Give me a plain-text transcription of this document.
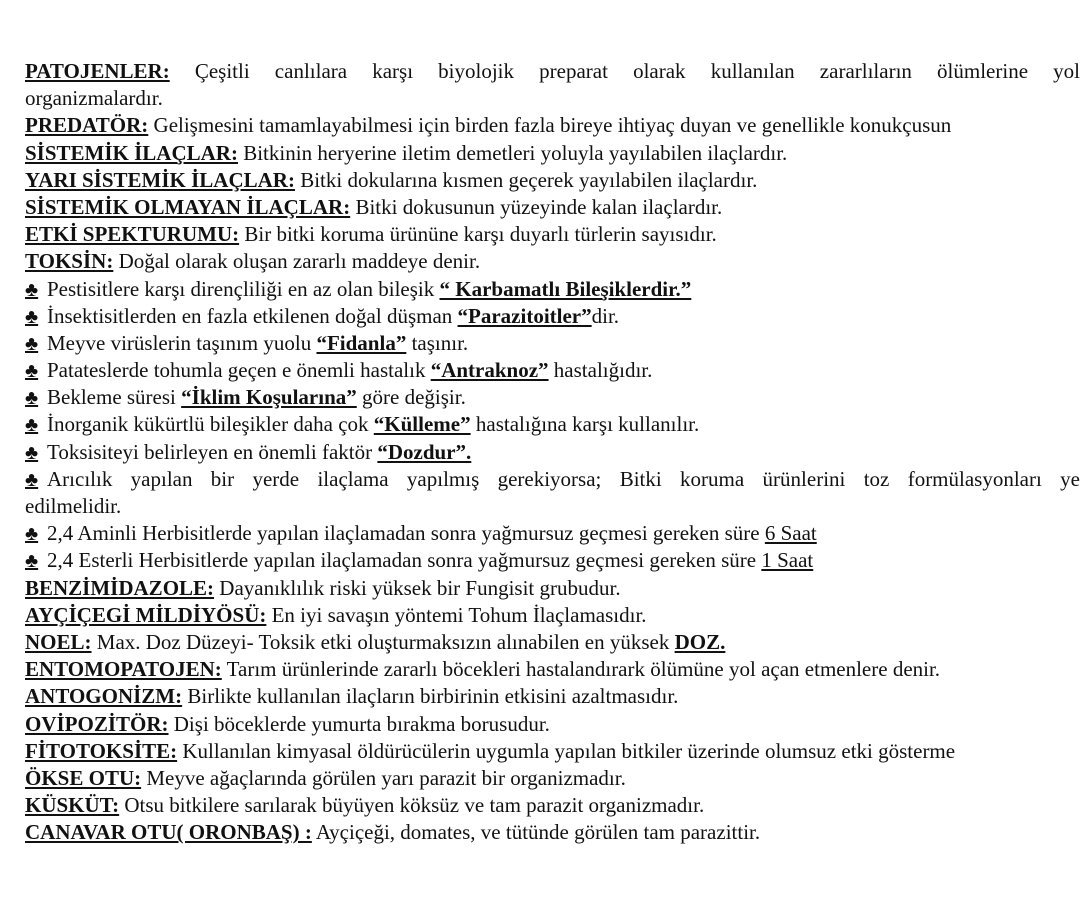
PATOJENLER: Çeşitli canlılara karşı biyolojik preparat olarak kullanılan zararlıların ölümlerine yol
organizmalardır.
PREDATÖR: Gelişmesini tamamlayabilmesi için birden fazla bireye ihtiyaç duyan ve genellikle konukçusun
SİSTEMİK İLAÇLAR: Bitkinin heryerine iletim demetleri yoluyla yayılabilen ilaçlardır.
YARI SİSTEMİK İLAÇLAR: Bitki dokularına kısmen geçerek yayılabilen ilaçlardır.
SİSTEMİK OLMAYAN İLAÇLAR: Bitki dokusunun yüzeyinde kalan ilaçlardır.
ETKİ SPEKTURUMU: Bir bitki koruma ürününe karşı duyarlı türlerin sayısıdır.
TOKSİN: Doğal olarak oluşan zararlı maddeye denir.
♣ Pestisitlere karşı dirençliliği en az olan bileşik “ Karbamatlı Bileşiklerdir.”
♣ İnsektisitlerden en fazla etkilenen doğal düşman “Parazitoitler”dir.
♣ Meyve virüslerin taşınım yuolu “Fidanla” taşınır.
♣ Patateslerde tohumla geçen e önemli hastalık “Antraknoz” hastalığıdır.
♣ Bekleme süresi “İklim Koşularına” göre değişir.
♣ İnorganik kükürtlü bileşikler daha çok “Külleme” hastalığına karşı kullanılır.
♣ Toksisiteyi belirleyen en önemli faktör “Dozdur”.
♣ Arıcılık yapılan bir yerde ilaçlama yapılmış gerekiyorsa; Bitki koruma ürünlerini toz formülasyonları ye
edilmelidir.
♣ 2,4 Aminli Herbisitlerde yapılan ilaçlamadan sonra yağmursuz geçmesi gereken süre 6 Saat
♣ 2,4 Esterli Herbisitlerde yapılan ilaçlamadan sonra yağmursuz geçmesi gereken süre 1 Saat
BENZİMİDAZOLE: Dayanıklılık riski yüksek bir Fungisit grubudur.
AYÇİÇEGİ MİLDİYÖSÜ: En iyi savaşın yöntemi Tohum İlaçlamasıdır.
NOEL: Max. Doz Düzeyi- Toksik etki oluşturmaksızın alınabilen en yüksek DOZ.
ENTOMOPATOJEN: Tarım ürünlerinde zararlı böcekleri hastalandırark ölümüne yol açan etmenlere denir.
ANTOGONİZM: Birlikte kullanılan ilaçların birbirinin etkisini azaltmasıdır.
OVİPOZİTÖR: Dişi böceklerde yumurta bırakma borusudur.
FİTOTOKSİTE: Kullanılan kimyasal öldürücülerin uygumla yapılan bitkiler üzerinde olumsuz etki gösterme
ÖKSE OTU: Meyve ağaçlarında görülen yarı parazit bir organizmadır.
KÜSKÜT: Otsu bitkilere sarılarak büyüyen köksüz ve tam parazit organizmadır.
CANAVAR OTU( ORONBAŞ) : Ayçiçeği, domates, ve tütünde görülen tam parazittir.
